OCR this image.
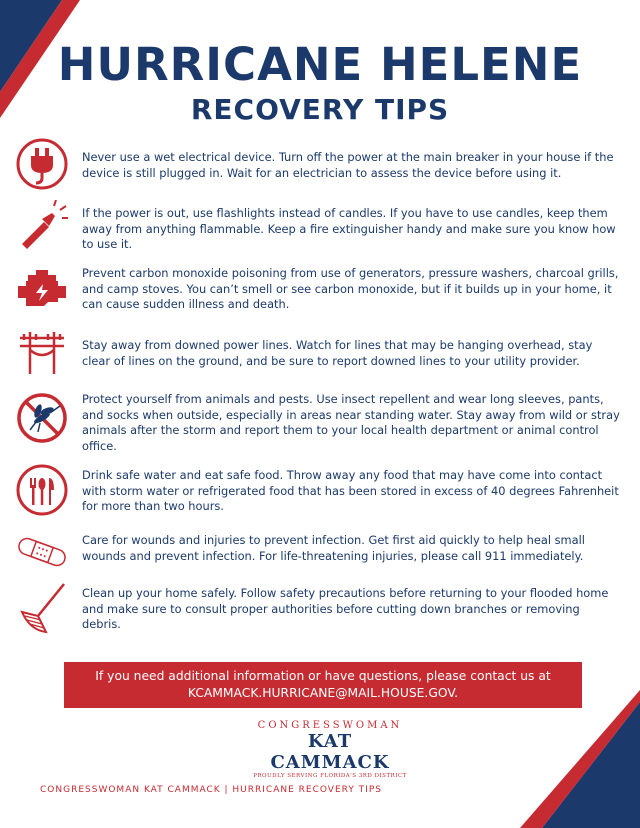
HURRICANE HELENE
RECOVERY TIPS
Never use a wet electrical device. Turn off the power at the main breaker in your house if the device is still plugged in. Wait for an electrician to assess the device before using it.
If the power is out, use flashlights instead of candles. If you have to use candles, keep them away from anything flammable. Keep a fire extinguisher handy and make sure you know how to use it.
Prevent carbon monoxide poisoning from use of generators, pressure washers, charcoal grills, and camp stoves. You can’t smell or see carbon monoxide, but if it builds up in your home, it can cause sudden illness and death.
Stay away from downed power lines. Watch for lines that may be hanging overhead, stay clear of lines on the ground, and be sure to report downed lines to your utility provider.
Protect yourself from animals and pests. Use insect repellent and wear long sleeves, pants, and socks when outside, especially in areas near standing water. Stay away from wild or stray animals after the storm and report them to your local health department or animal control office.
Drink safe water and eat safe food. Throw away any food that may have come into contact with storm water or refrigerated food that has been stored in excess of 40 degrees Fahrenheit for more than two hours.
Care for wounds and injuries to prevent infection. Get first aid quickly to help heal small wounds and prevent infection. For life-threatening injuries, please call 911 immediately.
Clean up your home safely. Follow safety precautions before returning to your flooded home and make sure to consult proper authorities before cutting down branches or removing debris.
If you need additional information or have questions, please contact us at
KCAMMACK.HURRICANE@MAIL.HOUSE.GOV.
CONGRESSWOMAN
KAT CAMMACK
PROUDLY SERVING FLORIDA'S 3RD DISTRICT
CONGRESSWOMAN KAT CAMMACK | HURRICANE RECOVERY TIPS
